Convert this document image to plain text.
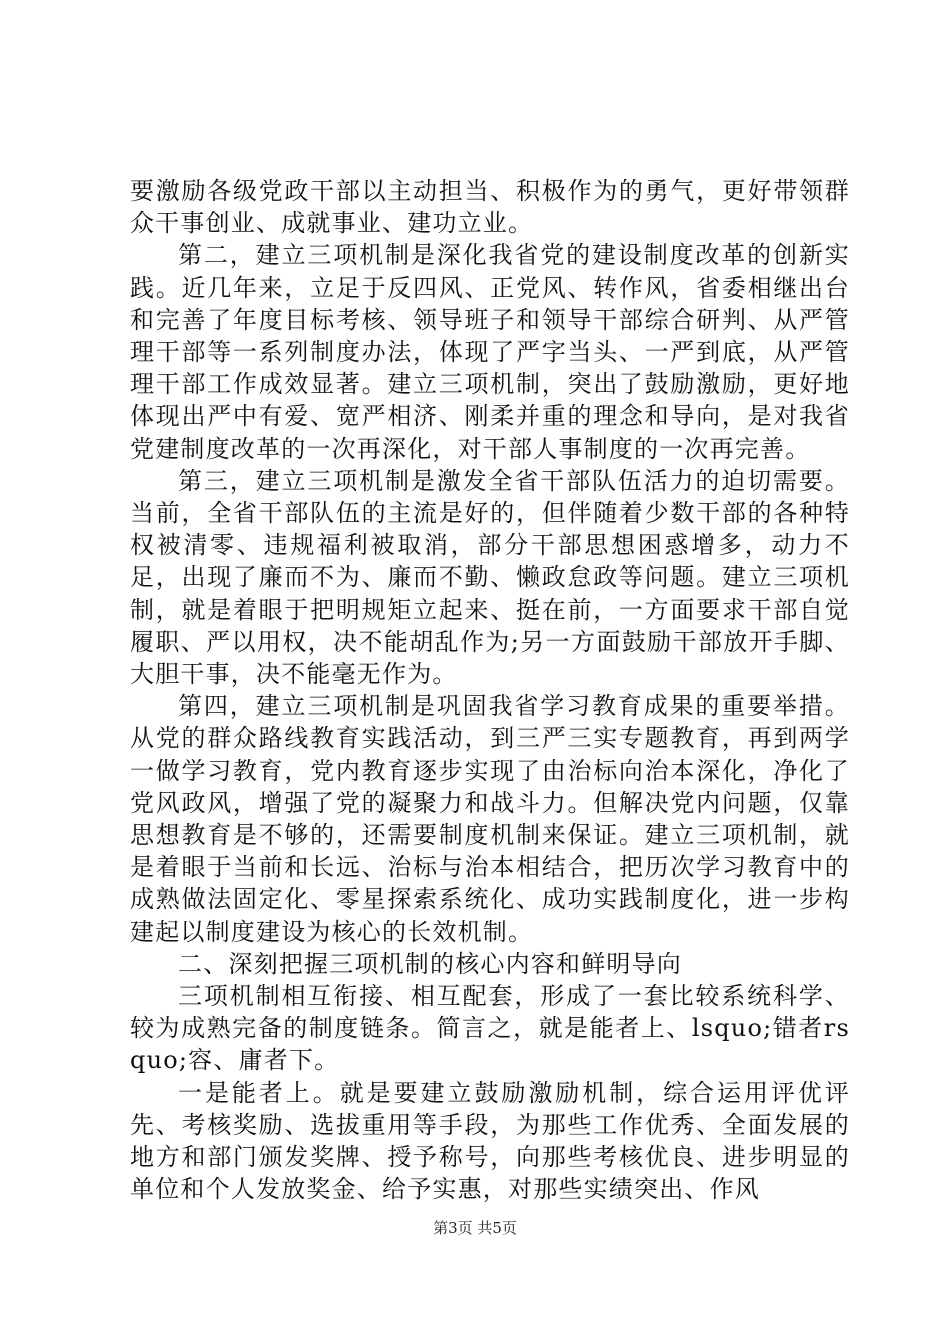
要激励各级党政干部以主动担当、积极作为的勇气，更好带领群众干事创业、成就事业、建功立业。

第二，建立三项机制是深化我省党的建设制度改革的创新实践。近几年来，立足于反四风、正党风、转作风，省委相继出台和完善了年度目标考核、领导班子和领导干部综合研判、从严管理干部等一系列制度办法，体现了严字当头、一严到底，从严管理干部工作成效显著。建立三项机制，突出了鼓励激励，更好地体现出严中有爱、宽严相济、刚柔并重的理念和导向，是对我省党建制度改革的一次再深化，对干部人事制度的一次再完善。

第三，建立三项机制是激发全省干部队伍活力的迫切需要。当前，全省干部队伍的主流是好的，但伴随着少数干部的各种特权被清零、违规福利被取消，部分干部思想困惑增多，动力不足，出现了廉而不为、廉而不勤、懒政怠政等问题。建立三项机制，就是着眼于把明规矩立起来、挺在前，一方面要求干部自觉履职、严以用权，决不能胡乱作为;另一方面鼓励干部放开手脚、大胆干事，决不能毫无作为。

第四，建立三项机制是巩固我省学习教育成果的重要举措。从党的群众路线教育实践活动，到三严三实专题教育，再到两学一做学习教育，党内教育逐步实现了由治标向治本深化，净化了党风政风，增强了党的凝聚力和战斗力。但解决党内问题，仅靠思想教育是不够的，还需要制度机制来保证。建立三项机制，就是着眼于当前和长远、治标与治本相结合，把历次学习教育中的成熟做法固定化、零星探索系统化、成功实践制度化，进一步构建起以制度建设为核心的长效机制。

二、深刻把握三项机制的核心内容和鲜明导向

三项机制相互衔接、相互配套，形成了一套比较系统科学、较为成熟完备的制度链条。简言之，就是能者上、lsquo;错者rsquo;容、庸者下。

一是能者上。就是要建立鼓励激励机制，综合运用评优评先、考核奖励、选拔重用等手段，为那些工作优秀、全面发展的地方和部门颁发奖牌、授予称号，向那些考核优良、进步明显的单位和个人发放奖金、给予实惠，对那些实绩突出、作风

第3页 共5页
